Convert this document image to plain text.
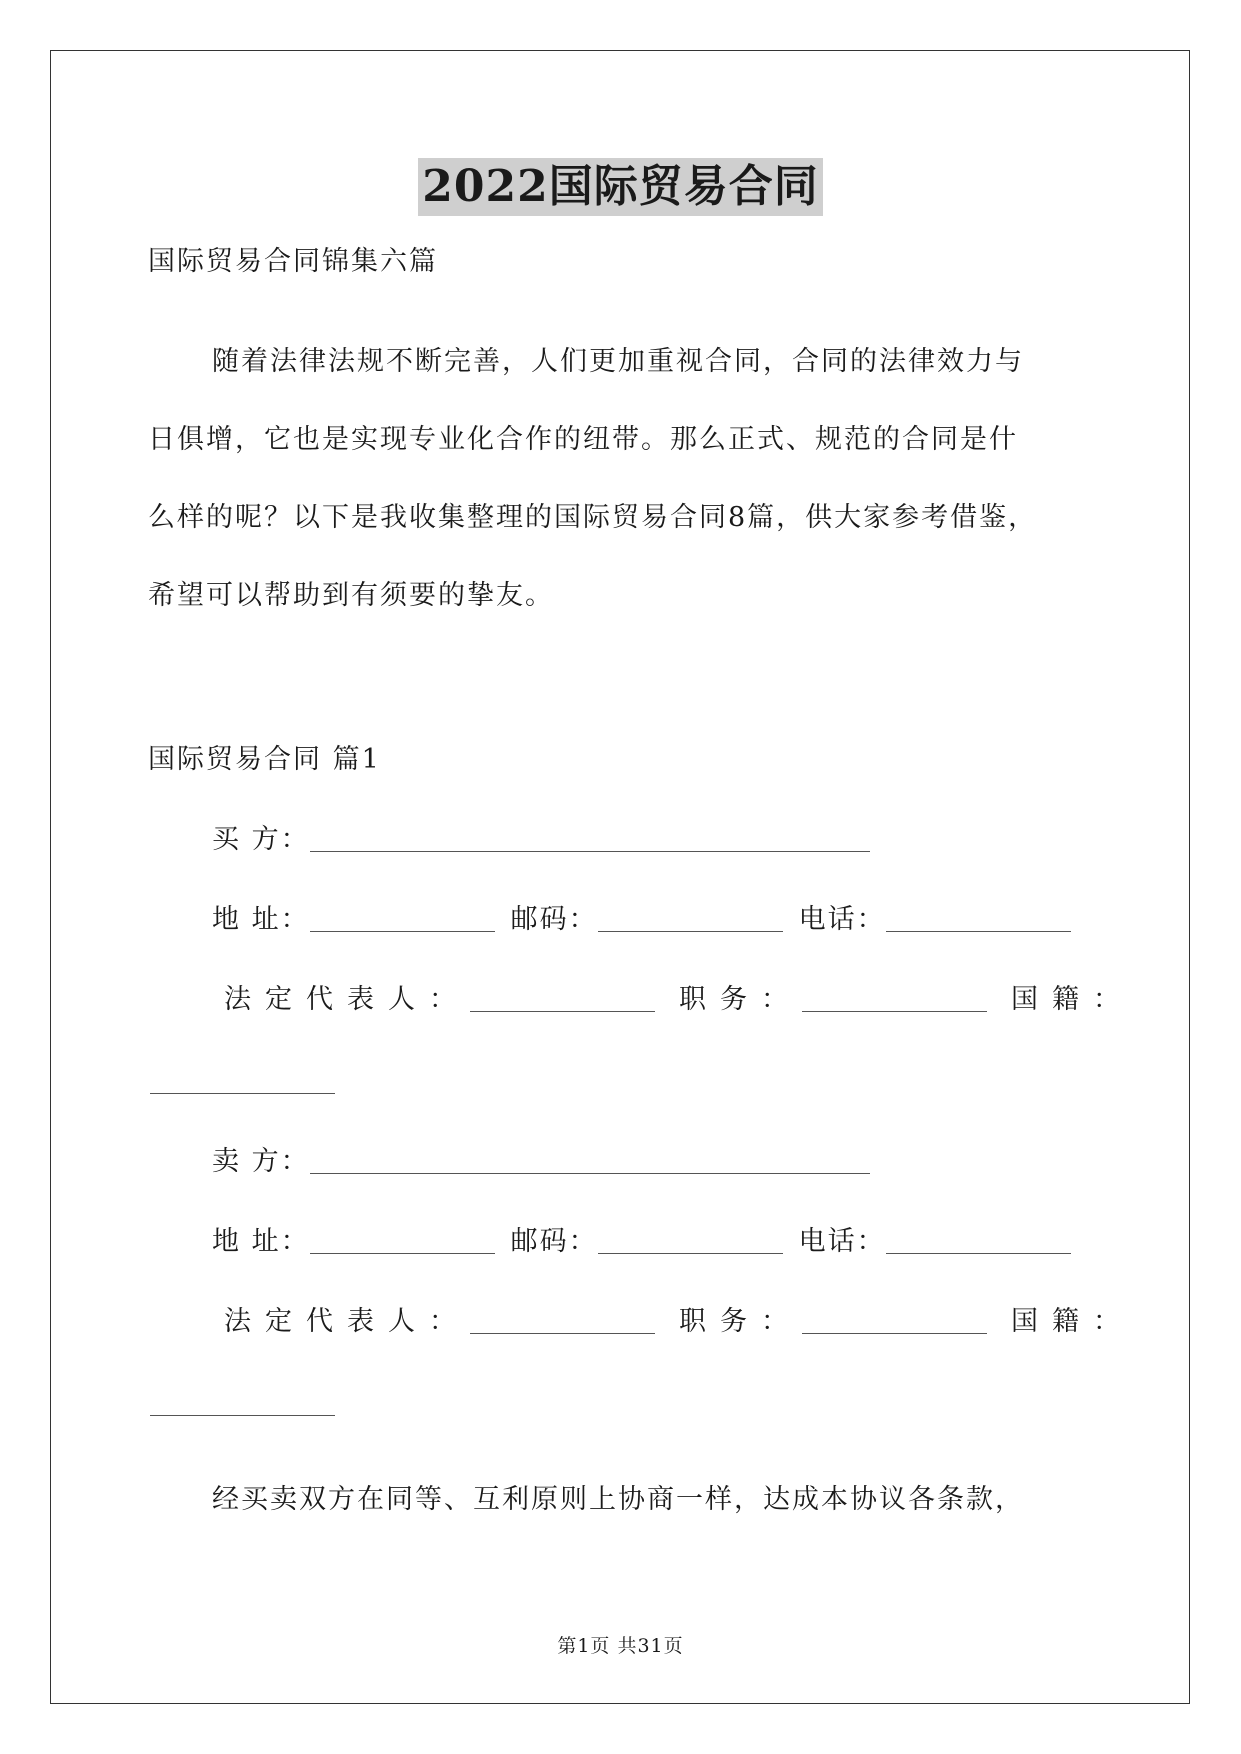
2022国际贸易合同
国际贸易合同锦集六篇
随着法律法规不断完善，人们更加重视合同，合同的法律效力与
日俱增，它也是实现专业化合作的纽带。那么正式、规范的合同是什
么样的呢？以下是我收集整理的国际贸易合同8篇，供大家参考借鉴，
希望可以帮助到有须要的挚友。
国际贸易合同 篇1
买 方：
地 址：	邮码：	电话：
法定代表人：	职务：	国籍：
卖 方：
地 址：	邮码：	电话：
法定代表人：	职务：	国籍：
经买卖双方在同等、互利原则上协商一样，达成本协议各条款，
第1页 共31页
